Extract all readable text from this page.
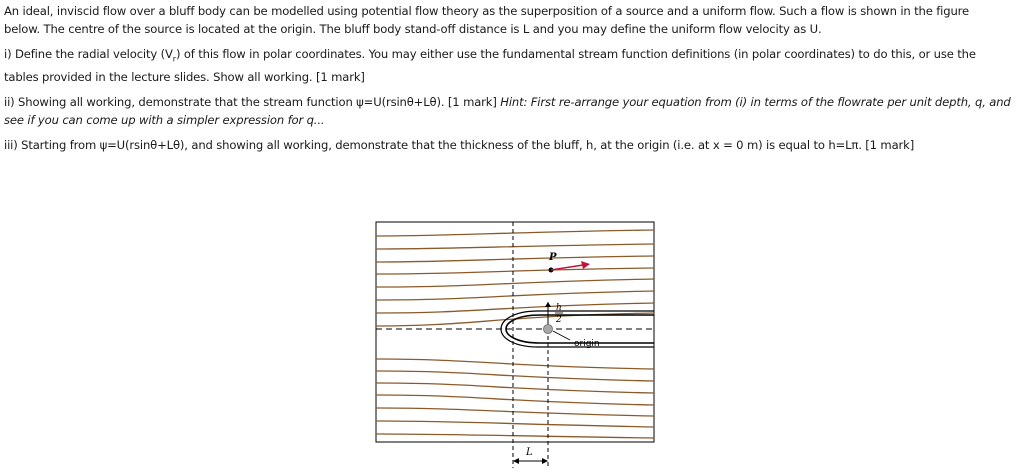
An ideal, inviscid flow over a bluff body can be modelled using potential flow theory as the superposition of a source and a uniform flow. Such a flow is shown in the figure
below. The centre of the source is located at the origin. The bluff body stand-off distance is L and you may define the uniform flow velocity as U.

i) Define the radial velocity $(V_r)$ of this flow in polar coordinates. You may either use the fundamental stream function definitions (in polar coordinates) to do this, or use the
tables provided in the lecture slides. Show all working. [1 mark]

ii) Showing all working, demonstrate that the stream function ψ=U(rsinθ+Lθ). [1 mark] Hint: First re-arrange your equation from (i) in terms of the flowrate per unit depth, q, and
see if you can come up with a simpler expression for q...

iii) Starting from ψ=U(rsinθ+Lθ), and showing all working, demonstrate that the thickness of the bluff, h, at the origin (i.e. at x = 0 m) is equal to h=Lπ. [1 mark]

h
2
origin
P
L
